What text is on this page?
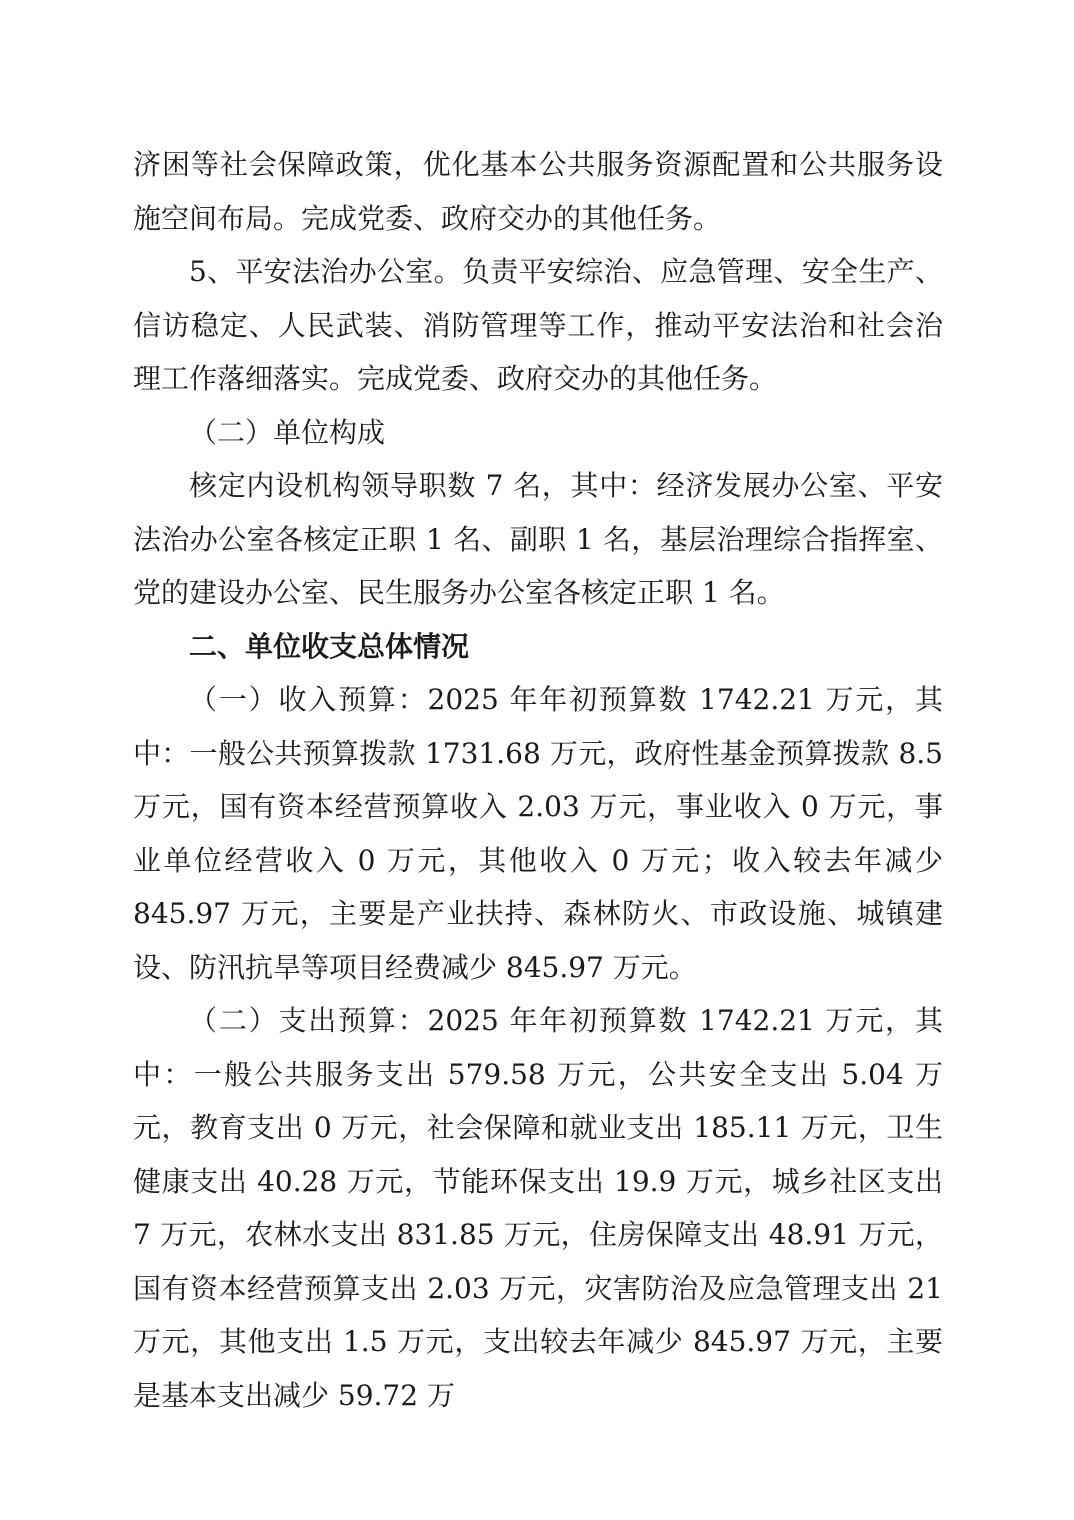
济困等社会保障政策，优化基本公共服务资源配置和公共服务设施空间布局。完成党委、政府交办的其他任务。

5、平安法治办公室。负责平安综治、应急管理、安全生产、信访稳定、人民武装、消防管理等工作，推动平安法治和社会治理工作落细落实。完成党委、政府交办的其他任务。

（二）单位构成

核定内设机构领导职数 7 名，其中：经济发展办公室、平安法治办公室各核定正职 1 名、副职 1 名，基层治理综合指挥室、党的建设办公室、民生服务办公室各核定正职 1 名。

二、单位收支总体情况

（一）收入预算：2025 年年初预算数 1742.21 万元，其中：一般公共预算拨款 1731.68 万元，政府性基金预算拨款 8.5 万元，国有资本经营预算收入 2.03 万元，事业收入 0 万元，事业单位经营收入 0 万元，其他收入 0 万元；收入较去年减少 845.97 万元，主要是产业扶持、森林防火、市政设施、城镇建设、防汛抗旱等项目经费减少 845.97 万元。

（二）支出预算：2025 年年初预算数 1742.21 万元，其中：一般公共服务支出 579.58 万元，公共安全支出 5.04 万元，教育支出 0 万元，社会保障和就业支出 185.11 万元，卫生健康支出 40.28 万元，节能环保支出 19.9 万元，城乡社区支出 7 万元，农林水支出 831.85 万元，住房保障支出 48.91 万元，国有资本经营预算支出 2.03 万元，灾害防治及应急管理支出 21 万元，其他支出 1.5 万元，支出较去年减少 845.97 万元，主要是基本支出减少 59.72 万
